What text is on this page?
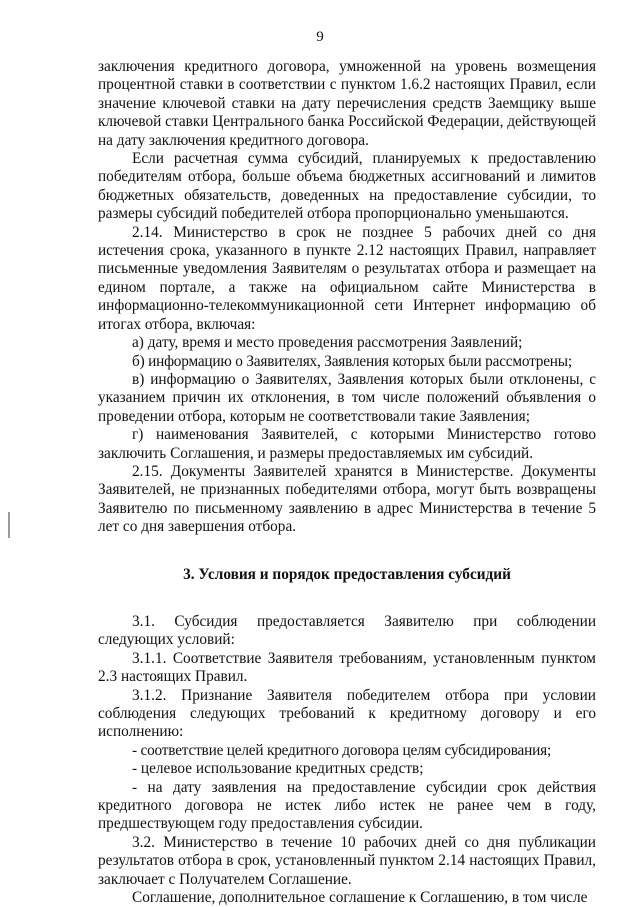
9

заключения кредитного договора, умноженной на уровень возмещения процентной ставки в соответствии с пунктом 1.6.2 настоящих Правил, если значение ключевой ставки на дату перечисления средств Заемщику выше ключевой ставки Центрального банка Российской Федерации, действующей на дату заключения кредитного договора.

Если расчетная сумма субсидий, планируемых к предоставлению победителям отбора, больше объема бюджетных ассигнований и лимитов бюджетных обязательств, доведенных на предоставление субсидии, то размеры субсидий победителей отбора пропорционально уменьшаются.

2.14. Министерство в срок не позднее 5 рабочих дней со дня истечения срока, указанного в пункте 2.12 настоящих Правил, направляет письменные уведомления Заявителям о результатах отбора и размещает на едином портале, а также на официальном сайте Министерства в информационно-телекоммуникационной сети Интернет информацию об итогах отбора, включая:

а) дату, время и место проведения рассмотрения Заявлений;

б) информацию о Заявителях, Заявления которых были рассмотрены;

в) информацию о Заявителях, Заявления которых были отклонены, с указанием причин их отклонения, в том числе положений объявления о проведении отбора, которым не соответствовали такие Заявления;

г) наименования Заявителей, с которыми Министерство готово заключить Соглашения, и размеры предоставляемых им субсидий.

2.15. Документы Заявителей хранятся в Министерстве. Документы Заявителей, не признанных победителями отбора, могут быть возвращены Заявителю по письменному заявлению в адрес Министерства в течение 5 лет со дня завершения отбора.

3. Условия и порядок предоставления субсидий

3.1. Субсидия предоставляется Заявителю при соблюдении следующих условий:

3.1.1. Соответствие Заявителя требованиям, установленным пунктом 2.3 настоящих Правил.

3.1.2. Признание Заявителя победителем отбора при условии соблюдения следующих требований к кредитному договору и его исполнению:

- соответствие целей кредитного договора целям субсидирования;

- целевое использование кредитных средств;

- на дату заявления на предоставление субсидии срок действия кредитного договора не истек либо истек не ранее чем в году, предшествующем году предоставления субсидии.

3.2. Министерство в течение 10 рабочих дней со дня публикации результатов отбора в срок, установленный пунктом 2.14 настоящих Правил, заключает с Получателем Соглашение.

Соглашение, дополнительное соглашение к Соглашению, в том числе
